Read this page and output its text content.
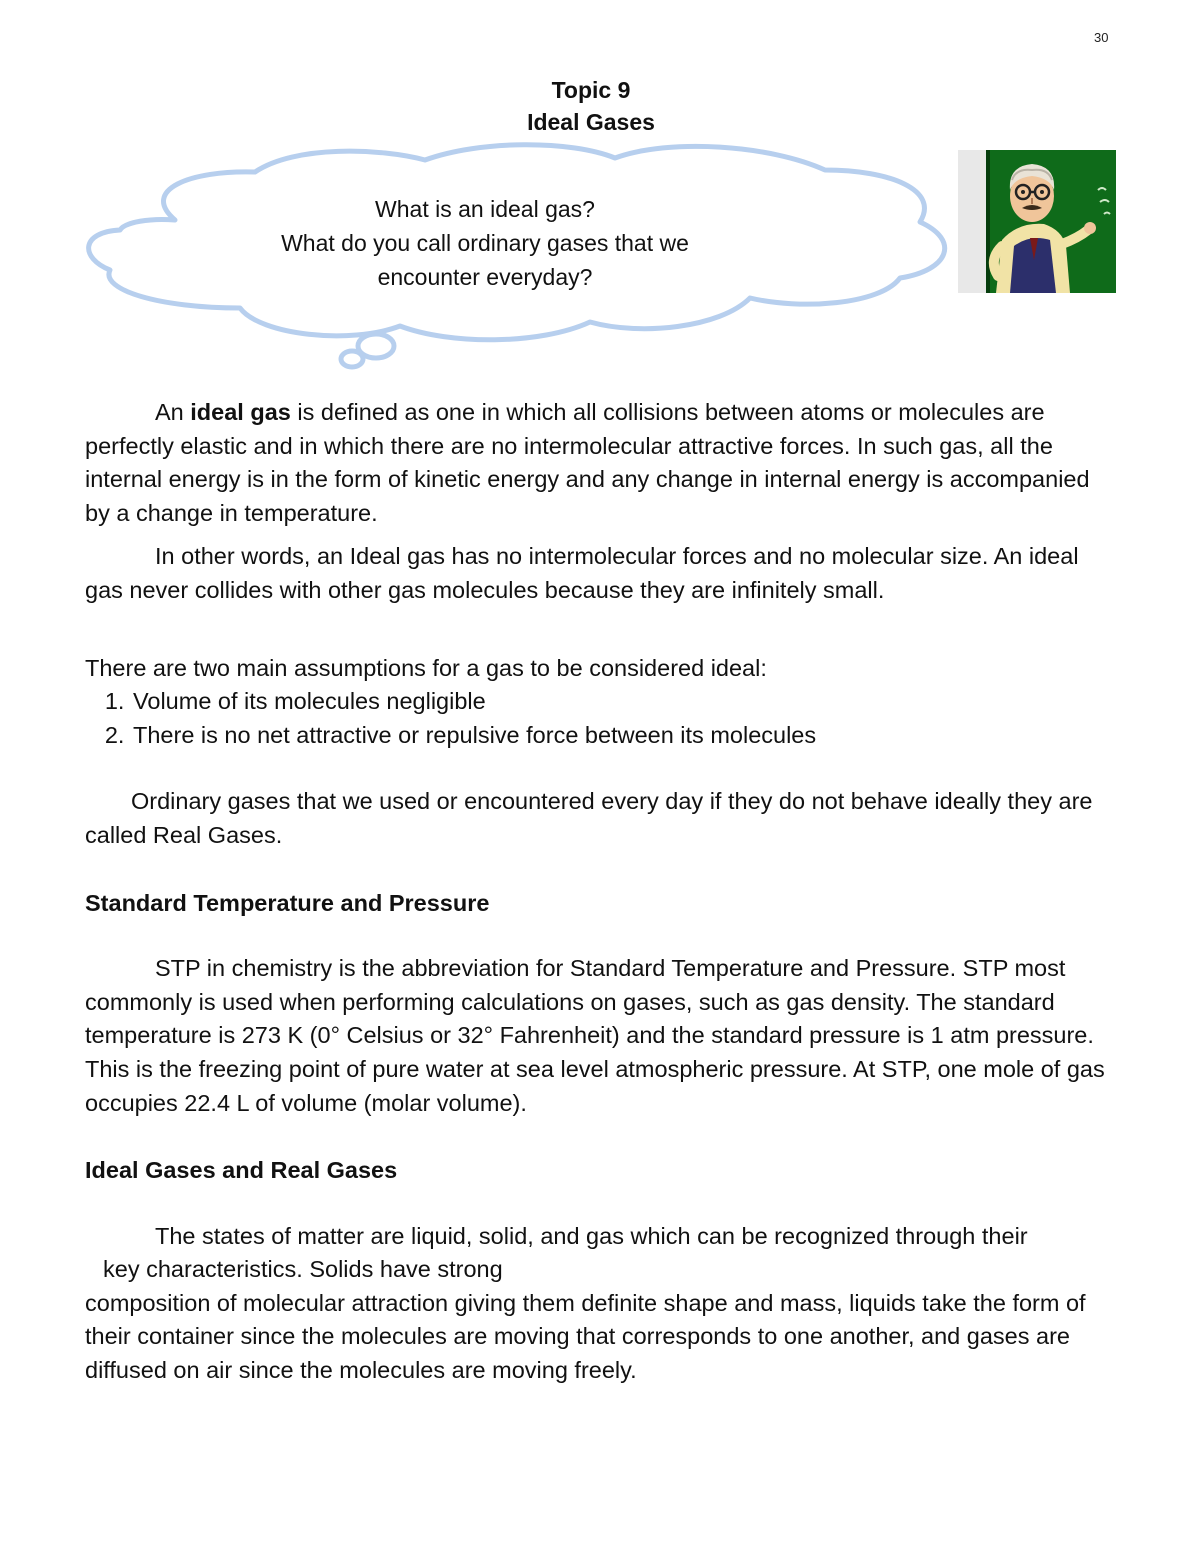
30
Topic 9
Ideal Gases
What is an ideal gas?
What do you call ordinary gases that we
encounter everyday?

An ideal gas is defined as one in which all collisions between atoms or molecules are perfectly elastic and in which there are no intermolecular attractive forces. In such gas, all the internal energy is in the form of kinetic energy and any change in internal energy is accompanied by a change in temperature.

In other words, an Ideal gas has no intermolecular forces and no molecular size. An ideal gas never collides with other gas molecules because they are infinitely small.

There are two main assumptions for a gas to be considered ideal:

1. Volume of its molecules negligible
2. There is no net attractive or repulsive force between its molecules

Ordinary gases that we used or encountered every day if they do not behave ideally they are called Real Gases.

Standard Temperature and Pressure

STP in chemistry is the abbreviation for Standard Temperature and Pressure. STP most commonly is used when performing calculations on gases, such as gas density. The standard temperature is 273 K (0° Celsius or 32° Fahrenheit) and the standard pressure is 1 atm pressure. This is the freezing point of pure water at sea level atmospheric pressure. At STP, one mole of gas occupies 22.4 L of volume (molar volume).

Ideal Gases and Real Gases

The states of matter are liquid, solid, and gas which can be recognized through their

key characteristics. Solids have strong

composition of molecular attraction giving them definite shape and mass, liquids take the form of their container since the molecules are moving that corresponds to one another, and gases are diffused on air since the molecules are moving freely.
